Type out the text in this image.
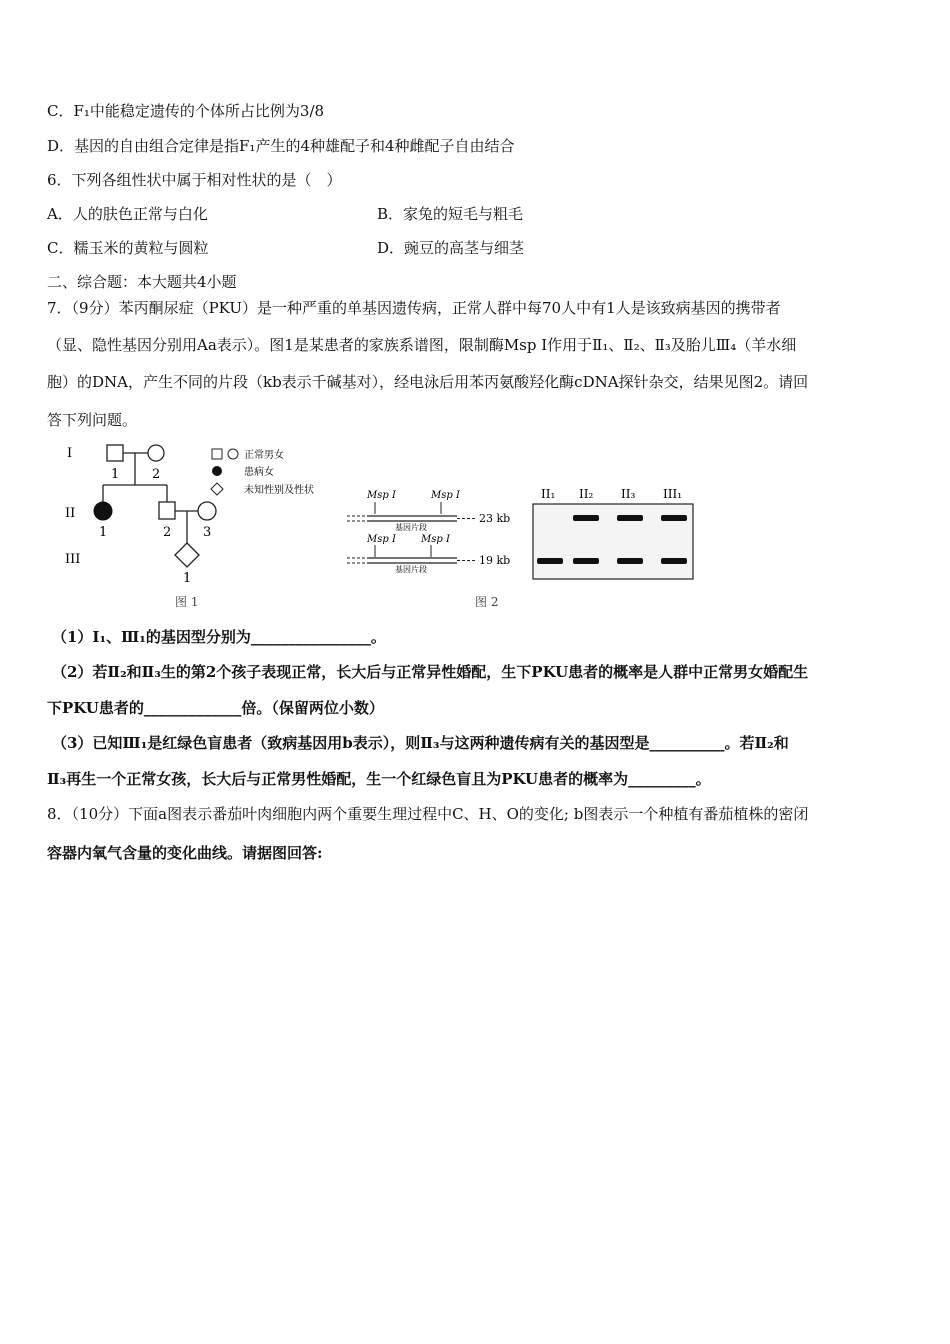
C．F₁中能稳定遗传的个体所占比例为3/8
D．基因的自由组合定律是指F₁产生的4种雄配子和4种雌配子自由结合
6．下列各组性状中属于相对性状的是（　）
A．人的肤色正常与白化	B．家兔的短毛与粗毛
C．糯玉米的黄粒与圆粒	D．豌豆的高茎与细茎
二、综合题：本大题共4小题
7．（9分）苯丙酮尿症（PKU）是一种严重的单基因遗传病，正常人群中每70人中有1人是该致病基因的携带者
（显、隐性基因分别用Aa表示）。图1是某患者的家族系谱图，限制酶Msp I作用于Ⅱ₁、Ⅱ₂、Ⅱ₃及胎儿Ⅲ₄（羊水细
胞）的DNA，产生不同的片段（kb表示千碱基对），经电泳后用苯丙氨酸羟化酶cDNA探针杂交，结果见图2。请回
答下列问题。
I
II
III
1	2
1	2 3
1
正常男女
患病女
未知性别及性状
图 1
Msp I	Msp I
基因片段
23 kb
Msp I	Msp I
基因片段
19 kb
II₁ II₂ II₃ III₁
图 2
（1）I₁、Ⅲ₁的基因型分别为________________。
（2）若Ⅱ₂和Ⅱ₃生的第2个孩子表现正常，长大后与正常异性婚配，生下PKU患者的概率是人群中正常男女婚配生
下PKU患者的_____________倍。（保留两位小数）
（3）已知Ⅲ₁是红绿色盲患者（致病基因用b表示），则Ⅱ₃与这两种遗传病有关的基因型是__________。若Ⅱ₂和
Ⅱ₃再生一个正常女孩，长大后与正常男性婚配，生一个红绿色盲且为PKU患者的概率为_________。
8．（10分）下面a图表示番茄叶肉细胞内两个重要生理过程中C、H、O的变化; b图表示一个种植有番茄植株的密闭
容器内氧气含量的变化曲线。请据图回答:
